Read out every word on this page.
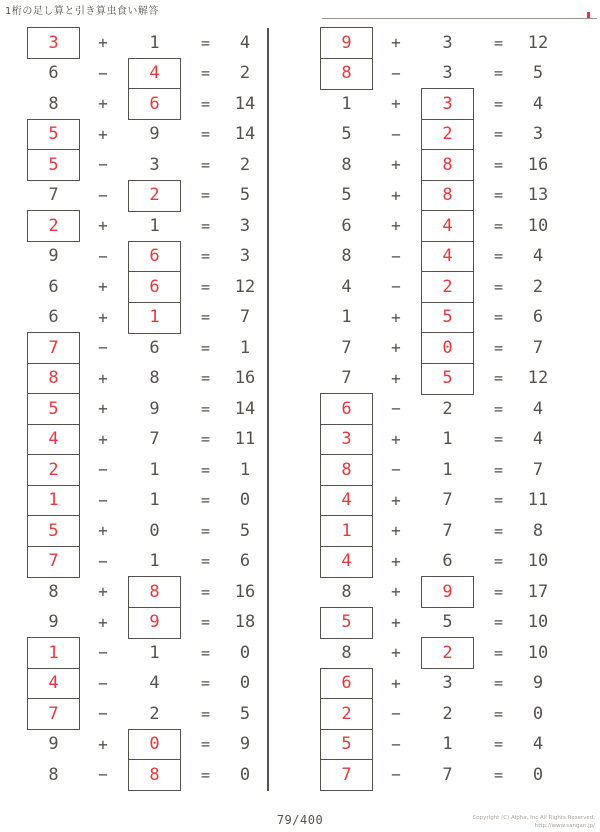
1桁の足し算と引き算虫食い解答
3	+	1	=	4
6	−	4	=	2
8	+	6	=	14
5	+	9	=	14
5	−	3	=	2
7	−	2	=	5
2	+	1	=	3
9	−	6	=	3
6	+	6	=	12
6	+	1	=	7
7	−	6	=	1
8	+	8	=	16
5	+	9	=	14
4	+	7	=	11
2	−	1	=	1
1	−	1	=	0
5	+	0	=	5
7	−	1	=	6
8	+	8	=	16
9	+	9	=	18
1	−	1	=	0
4	−	4	=	0
7	−	2	=	5
9	+	0	=	9
8	−	8	=	0
9	+	3	=	12
8	−	3	=	5
1	+	3	=	4
5	−	2	=	3
8	+	8	=	16
5	+	8	=	13
6	+	4	=	10
8	−	4	=	4
4	−	2	=	2
1	+	5	=	6
7	+	0	=	7
7	+	5	=	12
6	−	2	=	4
3	+	1	=	4
8	−	1	=	7
4	+	7	=	11
1	+	7	=	8
4	+	6	=	10
8	+	9	=	17
5	+	5	=	10
8	+	2	=	10
6	+	3	=	9
2	−	2	=	0
5	−	1	=	4
7	−	7	=	0
79/400	Copyright (C) Alpha, Inc All Rights Reserved,
http://www.sangan.jp/
